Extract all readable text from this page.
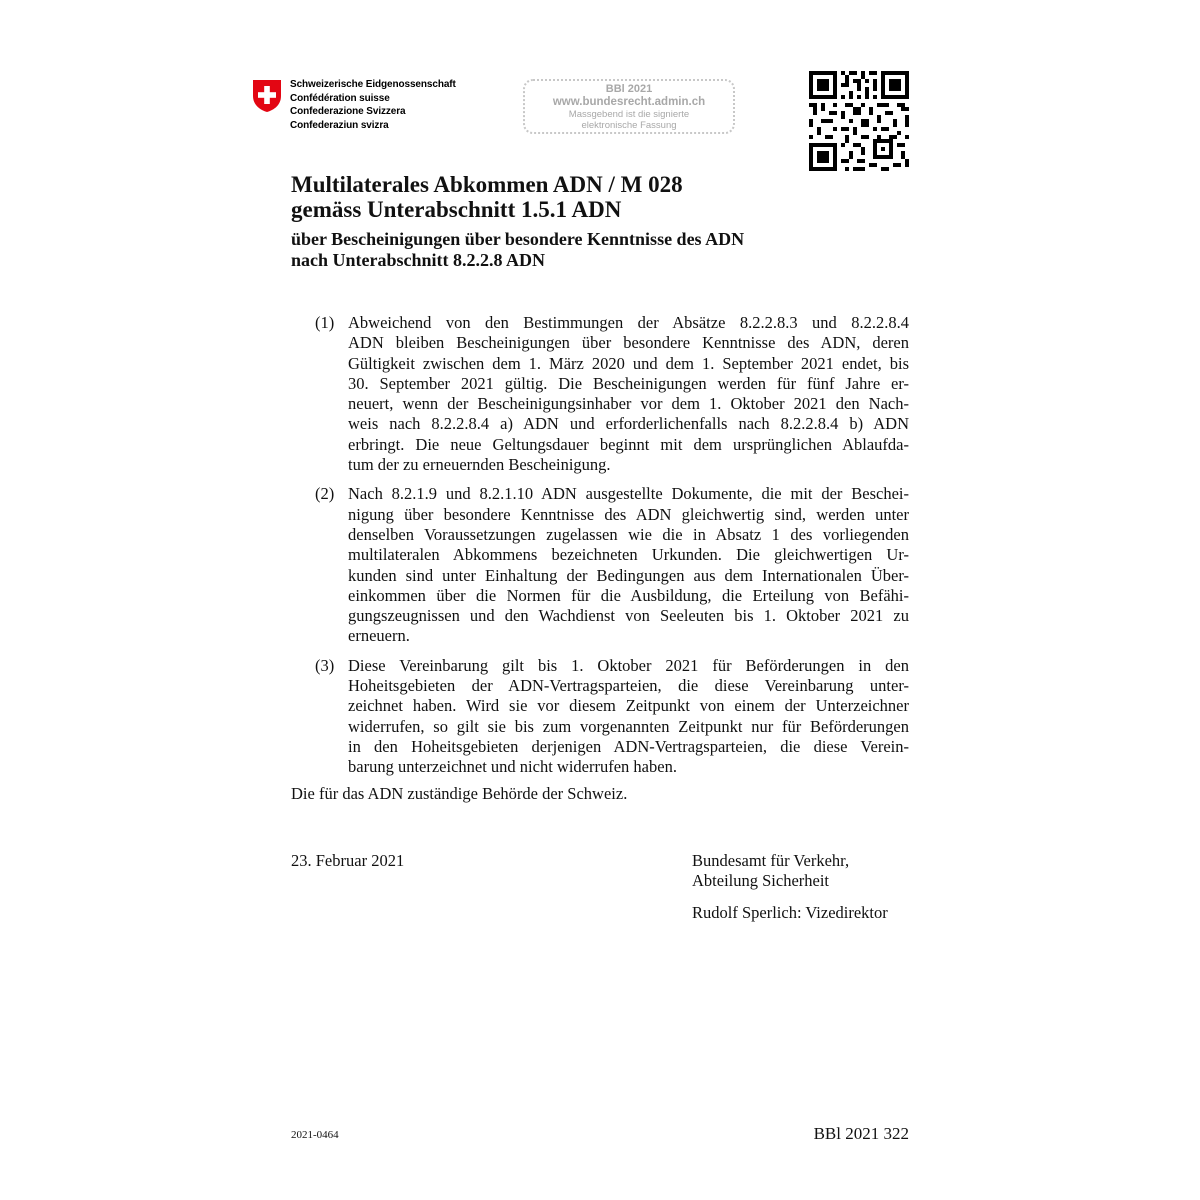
Schweizerische Eidgenossenschaft
Confédération suisse
Confederazione Svizzera
Confederaziun svizra
BBl 2021
www.bundesrecht.admin.ch
Massgebend ist die signierte
elektronische Fassung
Multilaterales Abkommen ADN / M 028
gemäss Unterabschnitt 1.5.1 ADN
über Bescheinigungen über besondere Kenntnisse des ADN
nach Unterabschnitt 8.2.2.8 ADN
(1) Abweichend von den Bestimmungen der Absätze 8.2.2.8.3 und 8.2.2.8.4
ADN bleiben Bescheinigungen über besondere Kenntnisse des ADN, deren
Gültigkeit zwischen dem 1. März 2020 und dem 1. September 2021 endet, bis
30. September 2021 gültig. Die Bescheinigungen werden für fünf Jahre er-
neuert, wenn der Bescheinigungsinhaber vor dem 1. Oktober 2021 den Nach-
weis nach 8.2.2.8.4 a) ADN und erforderlichenfalls nach 8.2.2.8.4 b) ADN
erbringt. Die neue Geltungsdauer beginnt mit dem ursprünglichen Ablaufda-
tum der zu erneuernden Bescheinigung.
(2) Nach 8.2.1.9 und 8.2.1.10 ADN ausgestellte Dokumente, die mit der Beschei-
nigung über besondere Kenntnisse des ADN gleichwertig sind, werden unter
denselben Voraussetzungen zugelassen wie die in Absatz 1 des vorliegenden
multilateralen Abkommens bezeichneten Urkunden. Die gleichwertigen Ur-
kunden sind unter Einhaltung der Bedingungen aus dem Internationalen Über-
einkommen über die Normen für die Ausbildung, die Erteilung von Befähi-
gungszeugnissen und den Wachdienst von Seeleuten bis 1. Oktober 2021 zu
erneuern.
(3) Diese Vereinbarung gilt bis 1. Oktober 2021 für Beförderungen in den
Hoheitsgebieten der ADN-Vertragsparteien, die diese Vereinbarung unter-
zeichnet haben. Wird sie vor diesem Zeitpunkt von einem der Unterzeichner
widerrufen, so gilt sie bis zum vorgenannten Zeitpunkt nur für Beförderungen
in den Hoheitsgebieten derjenigen ADN-Vertragsparteien, die diese Verein-
barung unterzeichnet und nicht widerrufen haben.
Die für das ADN zuständige Behörde der Schweiz.
23. Februar 2021	Bundesamt für Verkehr,
Abteilung Sicherheit
Rudolf Sperlich: Vizedirektor
2021-0464	BBl 2021 322
